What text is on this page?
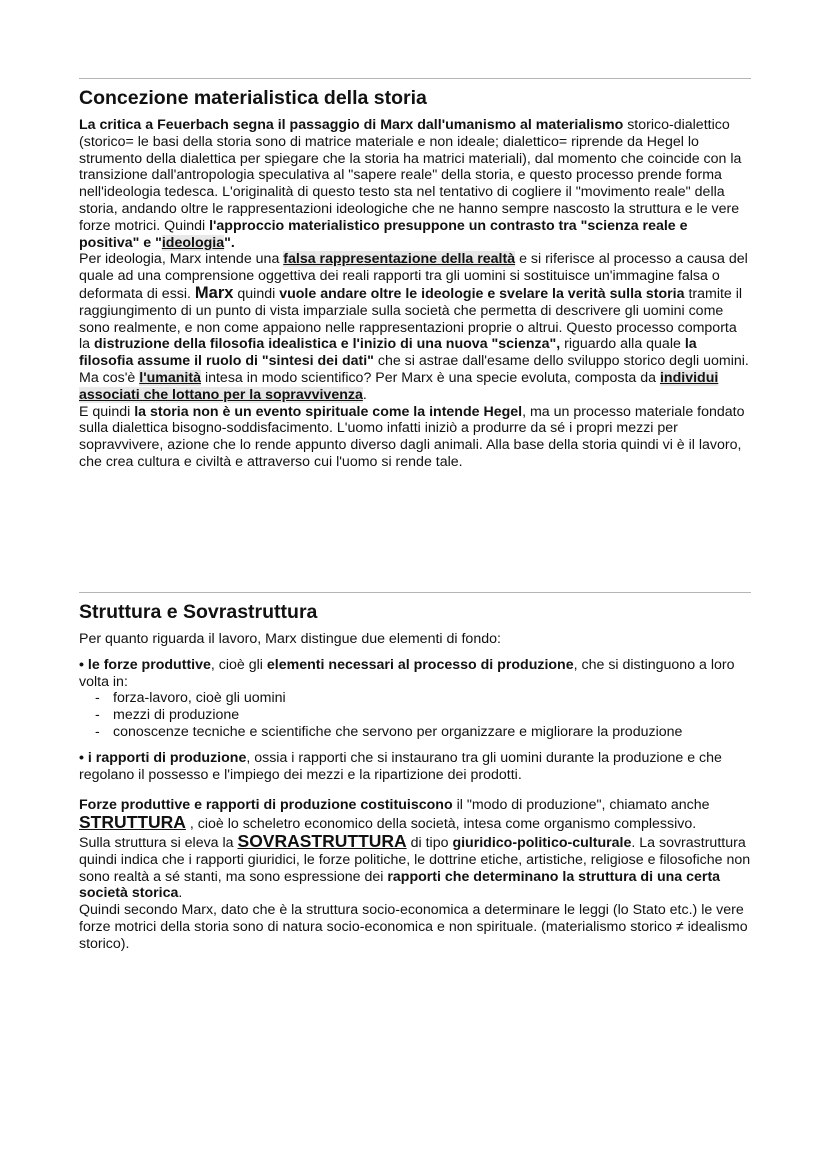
Concezione materialistica della storia

La critica a Feuerbach segna il passaggio di Marx dall'umanismo al materialismo storico-dialettico (storico= le basi della storia sono di matrice materiale e non ideale; dialettico= riprende da Hegel lo strumento della dialettica per spiegare che la storia ha matrici materiali), dal momento che coincide con la transizione dall'antropologia speculativa al "sapere reale" della storia, e questo processo prende forma nell'ideologia tedesca. L'originalità di questo testo sta nel tentativo di cogliere il "movimento reale" della storia, andando oltre le rappresentazioni ideologiche che ne hanno sempre nascosto la struttura e le vere forze motrici. Quindi l'approccio materialistico presuppone un contrasto tra "scienza reale e positiva" e "ideologia".

Per ideologia, Marx intende una falsa rappresentazione della realtà e si riferisce al processo a causa del quale ad una comprensione oggettiva dei reali rapporti tra gli uomini si sostituisce un'immagine falsa o deformata di essi. Marx quindi vuole andare oltre le ideologie e svelare la verità sulla storia tramite il raggiungimento di un punto di vista imparziale sulla società che permetta di descrivere gli uomini come sono realmente, e non come appaiono nelle rappresentazioni proprie o altrui. Questo processo comporta la distruzione della filosofia idealistica e l'inizio di una nuova "scienza", riguardo alla quale la filosofia assume il ruolo di "sintesi dei dati" che si astrae dall'esame dello sviluppo storico degli uomini.

Ma cos'è l'umanità intesa in modo scientifico? Per Marx è una specie evoluta, composta da individui associati che lottano per la sopravvivenza.

E quindi la storia non è un evento spirituale come la intende Hegel, ma un processo materiale fondato sulla dialettica bisogno-soddisfacimento. L'uomo infatti iniziò a produrre da sé i propri mezzi per sopravvivere, azione che lo rende appunto diverso dagli animali. Alla base della storia quindi vi è il lavoro, che crea cultura e civiltà e attraverso cui l'uomo si rende tale.

Struttura e Sovrastruttura

Per quanto riguarda il lavoro, Marx distingue due elementi di fondo:

• le forze produttive, cioè gli elementi necessari al processo di produzione, che si distinguono a loro volta in:

- forza-lavoro, cioè gli uomini
- mezzi di produzione
- conoscenze tecniche e scientifiche che servono per organizzare e migliorare la produzione

• i rapporti di produzione, ossia i rapporti che si instaurano tra gli uomini durante la produzione e che regolano il possesso e l'impiego dei mezzi e la ripartizione dei prodotti.

Forze produttive e rapporti di produzione costituiscono il "modo di produzione", chiamato anche STRUTTURA , cioè lo scheletro economico della società, intesa come organismo complessivo.

Sulla struttura si eleva la SOVRASTRUTTURA di tipo giuridico-politico-culturale. La sovrastruttura quindi indica che i rapporti giuridici, le forze politiche, le dottrine etiche, artistiche, religiose e filosofiche non sono realtà a sé stanti, ma sono espressione dei rapporti che determinano la struttura di una certa società storica.

Quindi secondo Marx, dato che è la struttura socio-economica a determinare le leggi (lo Stato etc.) le vere forze motrici della storia sono di natura socio-economica e non spirituale. (materialismo storico ≠ idealismo storico).
